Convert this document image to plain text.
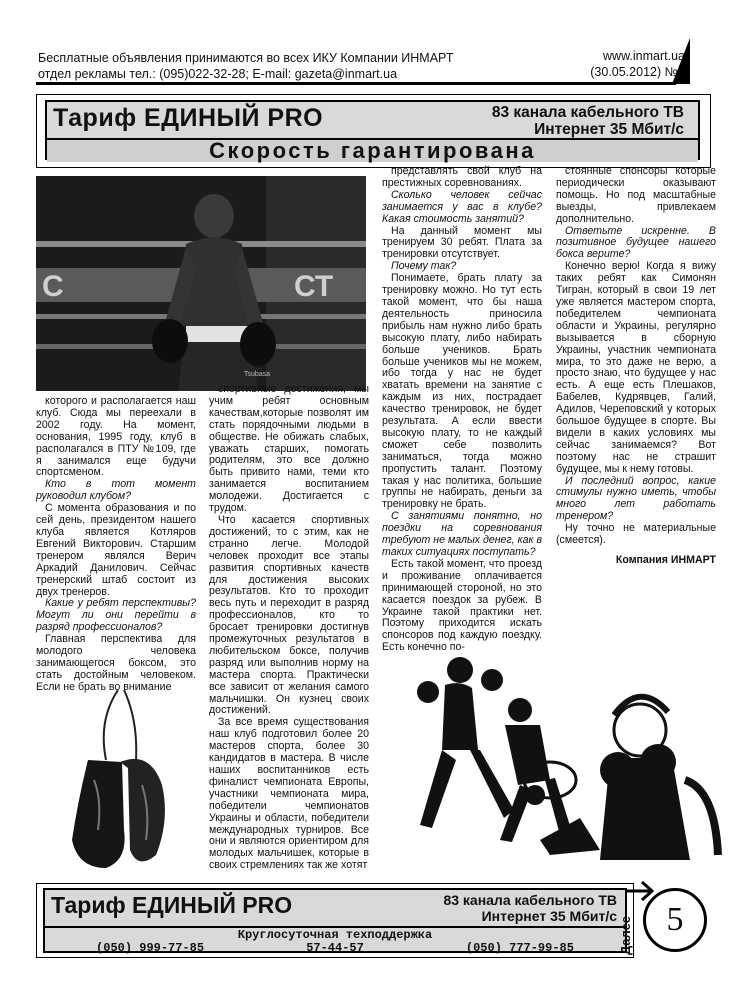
Бесплатные объявления принимаются во всех ИКУ Компании ИНМАРТ
отдел рекламы тел.: (095)022-32-28; E-mail: gazeta@inmart.ua
www.inmart.ua
(30.05.2012) №6
Тариф ЕДИНЫЙ PRO	83 канала кабельного ТВ
Интернет 35 Мбит/с
Скорость гарантирована
С	СТ
Tsubasa

которого и располагается наш клуб. Сюда мы переехали в 2002 году. На момент, основания, 1995 году, клуб в располагался в ПТУ №109, где я занимался еще будучи спортсменом.

Кто в тот момент руководил клубом?

С момента образования и по сей день, президентом нашего клуба является Котляров Евгений Викторович. Старшим тренером являлся Верич Аркадий Данилович. Сейчас тренерский штаб состоит из двух тренеров.

Какие у ребят перспективы? Могут ли они перейти в разряд профессионалов?

Главная перспектива для молодого человека занимающегося боксом, это стать достойным человеком. Если не брать во внимание

спортивные достижения, мы учим ребят основным качествам,которые позволят им стать порядочными людьми в обществе. Не обижать слабых, уважать старших, помогать родителям, это все должно быть привито нами, теми кто занимается воспитанием молодежи. Достигается с трудом.

Что касается спортивных достижений, то с этим, как не странно легче. Молодой человек проходит все этапы развития спортивных качеств для достижения высоких результатов. Кто то проходит весь путь и переходит в разряд профессионалов, кто то бросает тренировки достигнув промежуточных результатов в любительском боксе, получив разряд или выполнив норму на мастера спорта. Практически все зависит от желания самого мальчишки. Он кузнец своих достижений.

За все время существования наш клуб подготовил более 20 мастеров спорта, более 30 кандидатов в мастера. В числе наших воспитанников есть финалист чемпионата Европы, участники чемпионата мира, победители чемпионатов Украины и области, победители международных турниров. Все они и являются ориентиром для молодых мальчишек, которые в своих стремлениях так же хотят

представлять свой клуб на престижных соревнованиях.

Сколько человек сейчас занимается у вас в клубе? Какая стоимость занятий?

На данный момент мы тренируем 30 ребят. Плата за тренировки отсутствует.

Почему так?

Понимаете, брать плату за тренировку можно. Но тут есть такой момент, что бы наша деятельность приносила прибыль нам нужно либо брать высокую плату, либо набирать больше учеников. Брать больше учеников мы не можем, ибо тогда у нас не будет хватать времени на занятие с каждым из них, пострадает качество тренировок, не будет результата. А если ввести высокую плату, то не каждый сможет себе позволить заниматься, тогда можно пропустить талант. Поэтому такая у нас политика, большие группы не набирать, деньги за тренировку не брать.

С занятиями понятно, но поездки на соревнования требуют не малых денег, как в таких ситуациях поступать?

Есть такой момент, что проезд и проживание оплачивается принимающей стороной, но это касается поездок за рубеж. В Украине такой практики нет. Поэтому приходится искать спонсоров под каждую поездку. Есть конечно по-

стоянные спонсоры которые периодически оказывают помощь. Но под масштабные выезды, привлекаем дополнительно.

Ответьте искренне. В позитивное будущее нашего бокса верите?

Конечно верю! Когда я вижу таких ребят как Симонян Тигран, который в свои 19 лет уже является мастером спорта, победителем чемпионата области и Украины, регулярно вызывается в сборную Украины, участник чемпионата мира, то это даже не верю, а просто знаю, что будущее у нас есть. А еще есть Плешаков, Бабелев, Кудрявцев, Галий, Адилов, Череповский у которых большое будущее в спорте. Вы видели в каких условиях мы сейчас занимаемся? Вот поэтому нас не страшит будущее, мы к нему готовы.

И последний вопрос, какие стимулы нужно иметь, чтобы много лет работать тренером?

Ну точно не материальные (смеется).

Компания ИНМАРТ

Тариф ЕДИНЫЙ PRO	83 канала кабельного ТВ
Интернет 35 Мбит/с
Круглосуточная техподдержка
(050) 999-77-85	57-44-57	(050) 777-99-85	Далее 5
